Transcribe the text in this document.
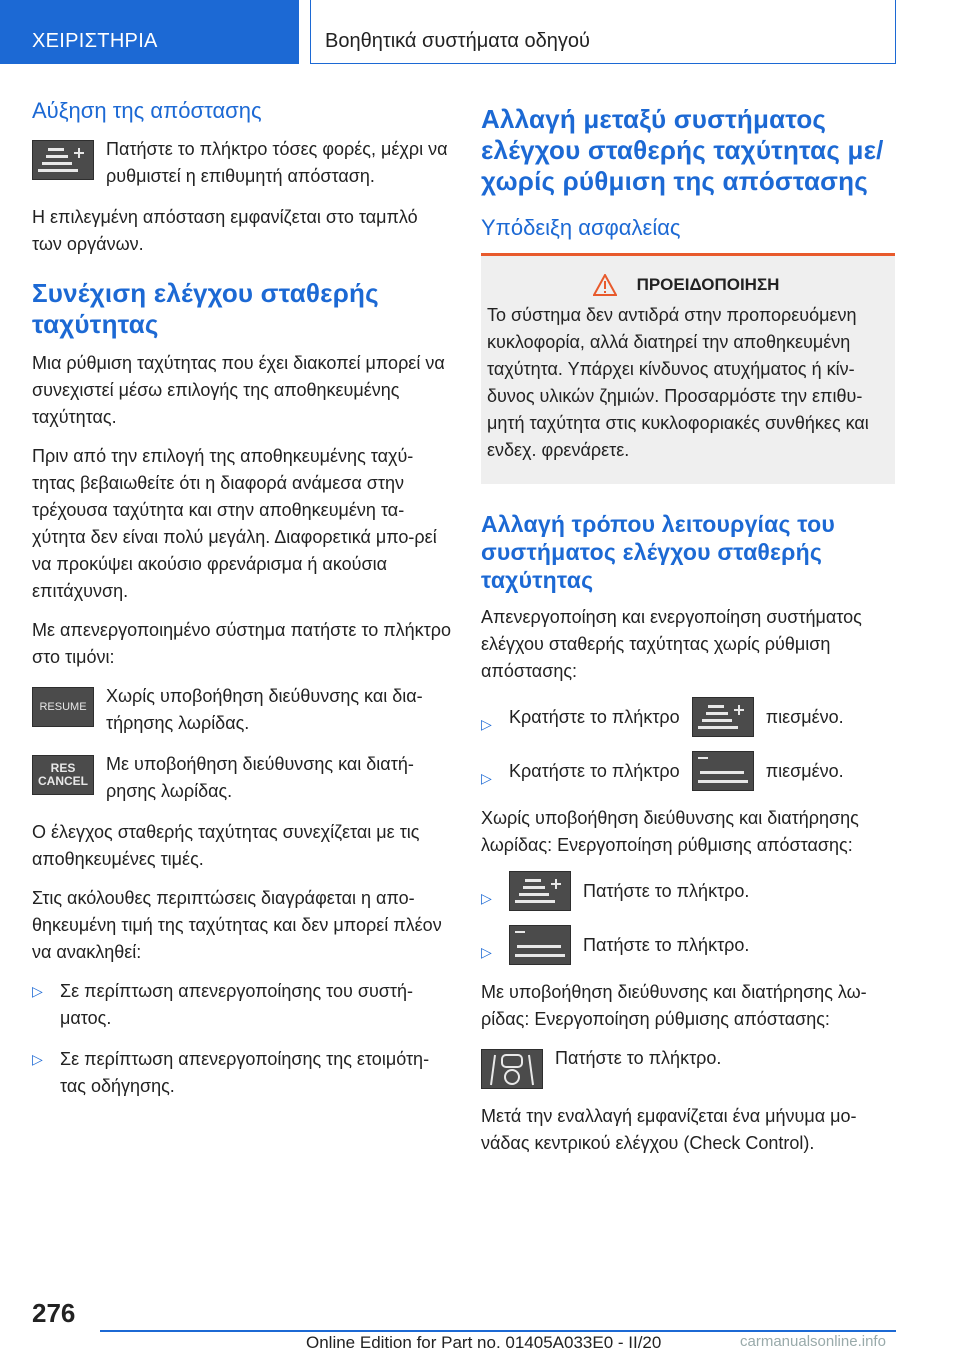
ΧΕΙΡΙΣΤΗΡΙΑ	Βοηθητικά συστήματα οδηγού
Αύξηση της απόστασης
Πατήστε το πλήκτρο τόσες φορές, μέχρι να ρυθμιστεί η επιθυμητή απόσταση.

Η επιλεγμένη απόσταση εμφανίζεται στο ταμπλό των οργάνων.

Συνέχιση ελέγχου σταθερής ταχύτητας

Μια ρύθμιση ταχύτητας που έχει διακοπεί μπορεί να συνεχιστεί μέσω επιλογής της αποθηκευμένης ταχύτητας.

Πριν από την επιλογή της αποθηκευμένης ταχύ-τητας βεβαιωθείτε ότι η διαφορά ανάμεσα στην τρέχουσα ταχύτητα και στην αποθηκευμένη τα-χύτητα δεν είναι πολύ μεγάλη. Διαφορετικά μπο-ρεί να προκύψει ακούσιο φρενάρισμα ή ακούσια επιτάχυνση.

Με απενεργοποιημένο σύστημα πατήστε το πλήκτρο στο τιμόνι:

RESUME
Χωρίς υποβοήθηση διεύθυνσης και δια-τήρησης λωρίδας.
RES
CANCEL
Με υποβοήθηση διεύθυνσης και διατή-ρησης λωρίδας.

Ο έλεγχος σταθερής ταχύτητας συνεχίζεται με τις αποθηκευμένες τιμές.

Στις ακόλουθες περιπτώσεις διαγράφεται η απο-θηκευμένη τιμή της ταχύτητας και δεν μπορεί πλέον να ανακληθεί:

▷ Σε περίπτωση απενεργοποίησης του συστή-ματος.
▷ Σε περίπτωση απενεργοποίησης της ετοιμότη-τας οδήγησης.
Αλλαγή μεταξύ συστήματος ελέγχου σταθερής ταχύτητας με/χωρίς ρύθμιση της απόστασης
Υπόδειξη ασφαλείας
ΠΡΟΕΙΔΟΠΟΙΗΣΗ

Το σύστημα δεν αντιδρά στην προπορευόμενη κυκλοφορία, αλλά διατηρεί την αποθηκευμένη ταχύτητα. Υπάρχει κίνδυνος ατυχήματος ή κίν-δυνος υλικών ζημιών. Προσαρμόστε την επιθυ-μητή ταχύτητα στις κυκλοφοριακές συνθήκες και ενδεχ. φρενάρετε.

Αλλαγή τρόπου λειτουργίας του συστήματος ελέγχου σταθερής ταχύτητας

Απενεργοποίηση και ενεργοποίηση συστήματος ελέγχου σταθερής ταχύτητας χωρίς ρύθμιση απόστασης:

▷ Κρατήστε το πλήκτρο	πιεσμένο.
▷ Κρατήστε το πλήκτρο	πιεσμένο.

Χωρίς υποβοήθηση διεύθυνσης και διατήρησης λωρίδας: Ενεργοποίηση ρύθμισης απόστασης:

▷	Πατήστε το πλήκτρο.
▷	Πατήστε το πλήκτρο.

Με υποβοήθηση διεύθυνσης και διατήρησης λω-ρίδας: Ενεργοποίηση ρύθμισης απόστασης:

Πατήστε το πλήκτρο.

Μετά την εναλλαγή εμφανίζεται ένα μήνυμα μο-νάδας κεντρικού ελέγχου (Check Control).

276
Online Edition for Part no. 01405A033E0 - II/20	carmanualsonline.info
